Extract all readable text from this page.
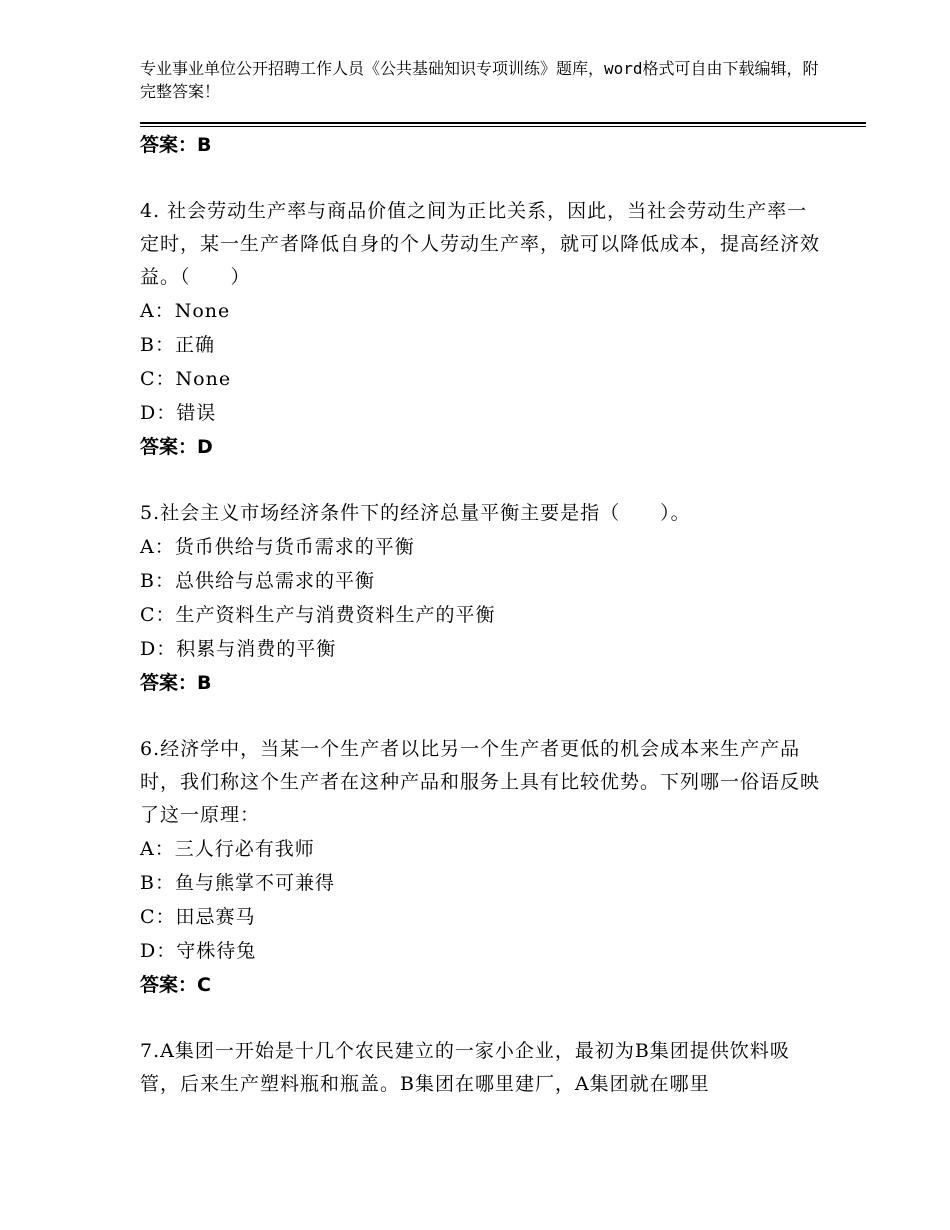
专业事业单位公开招聘工作人员《公共基础知识专项训练》题库，word格式可自由下载编辑，附完整答案！
答案：B
4. 社会劳动生产率与商品价值之间为正比关系，因此，当社会劳动生产率一定时，某一生产者降低自身的个人劳动生产率，就可以降低成本，提高经济效益。（　　）
A：None
B：正确
C：None
D：错误
答案：D
5.社会主义市场经济条件下的经济总量平衡主要是指（　　）。
A：货币供给与货币需求的平衡
B：总供给与总需求的平衡
C：生产资料生产与消费资料生产的平衡
D：积累与消费的平衡
答案：B
6.经济学中，当某一个生产者以比另一个生产者更低的机会成本来生产产品时，我们称这个生产者在这种产品和服务上具有比较优势。下列哪一俗语反映了这一原理：
A：三人行必有我师
B：鱼与熊掌不可兼得
C：田忌赛马
D：守株待兔
答案：C
7.A集团一开始是十几个农民建立的一家小企业，最初为B集团提供饮料吸管，后来生产塑料瓶和瓶盖。B集团在哪里建厂，A集团就在哪里
